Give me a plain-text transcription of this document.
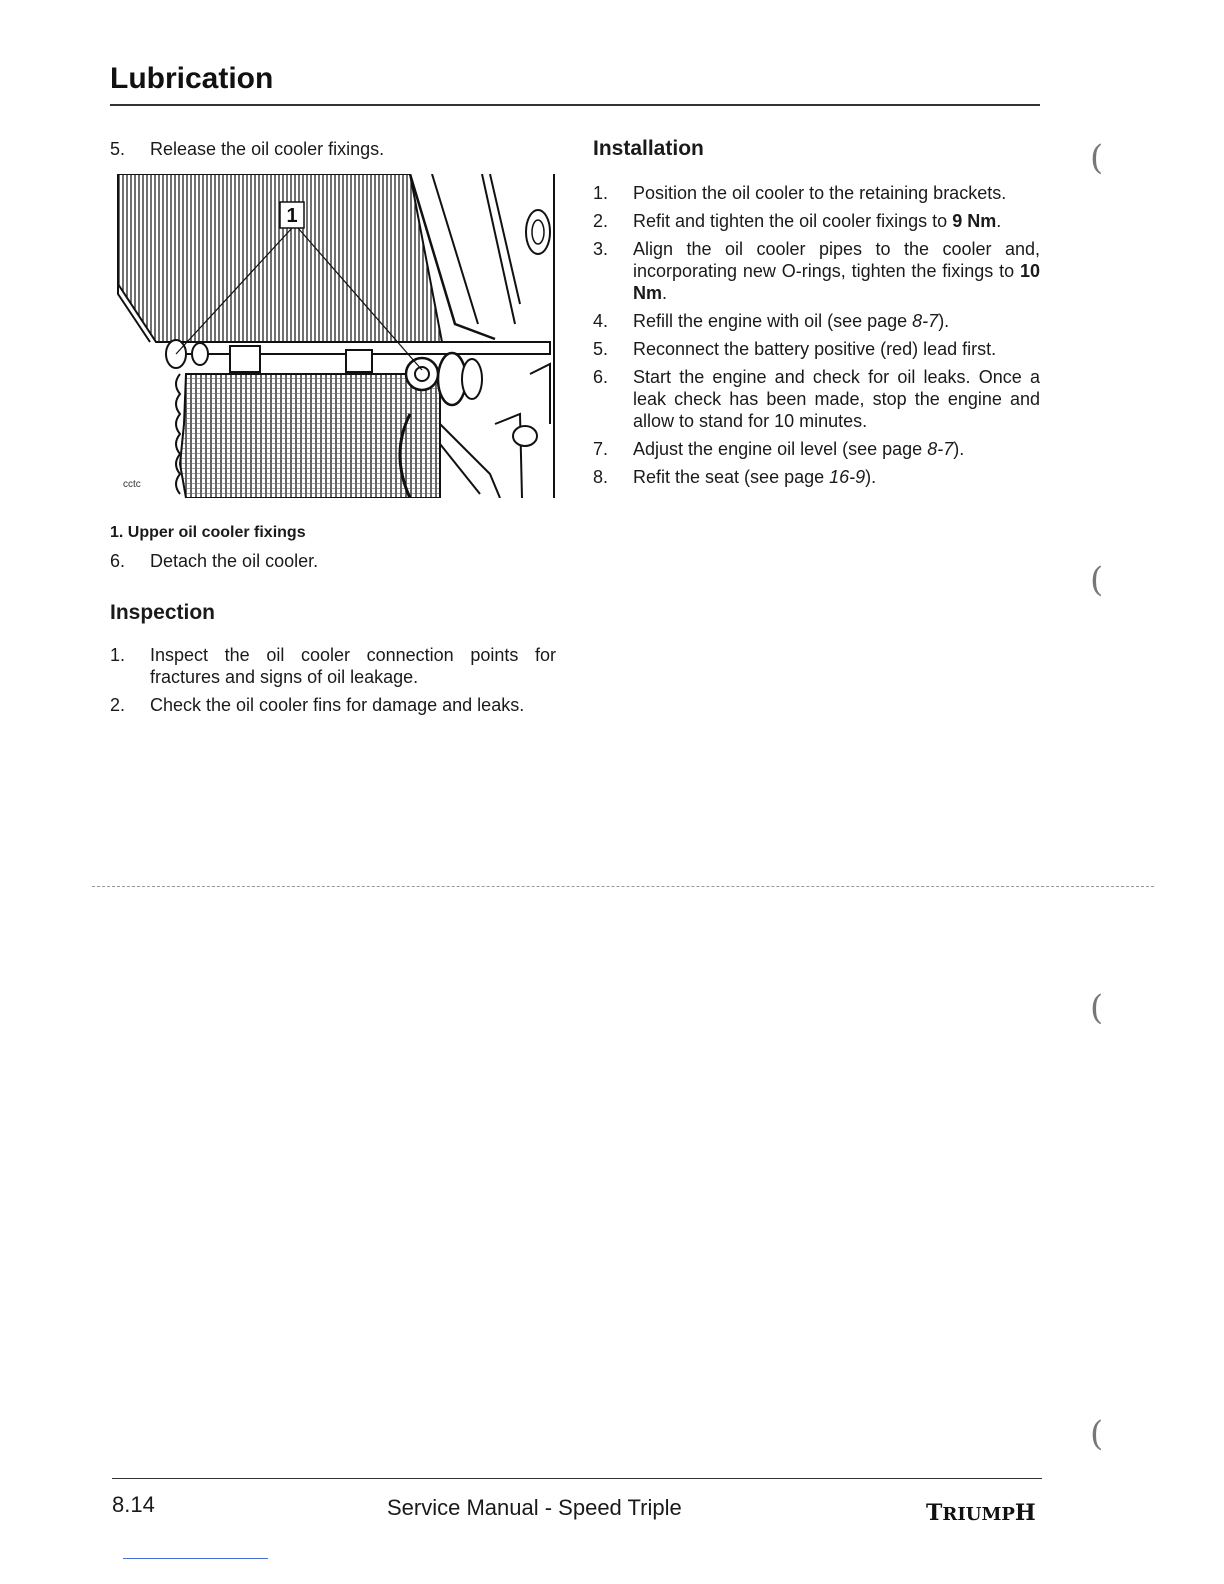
Lubrication
5. Release the oil cooler fixings.
1
cctc
1. Upper oil cooler fixings
6. Detach the oil cooler.
Inspection
1. Inspect the oil cooler connection points for fractures and signs of oil leakage.
2. Check the oil cooler fins for damage and leaks.
Installation
1. Position the oil cooler to the retaining brackets.
2. Refit and tighten the oil cooler fixings to 9 Nm.
3. Align the oil cooler pipes to the cooler and, incorporating new O-rings, tighten the fixings to 10 Nm.
4. Refill the engine with oil (see page 8-7).
5. Reconnect the battery positive (red) lead first.
6. Start the engine and check for oil leaks. Once a leak check has been made, stop the engine and allow to stand for 10 minutes.
7. Adjust the engine oil level (see page 8-7).
8. Refit the seat (see page 16-9).
(
(
(
(
8.14	Service Manual - Speed Triple	TRIUMPH
